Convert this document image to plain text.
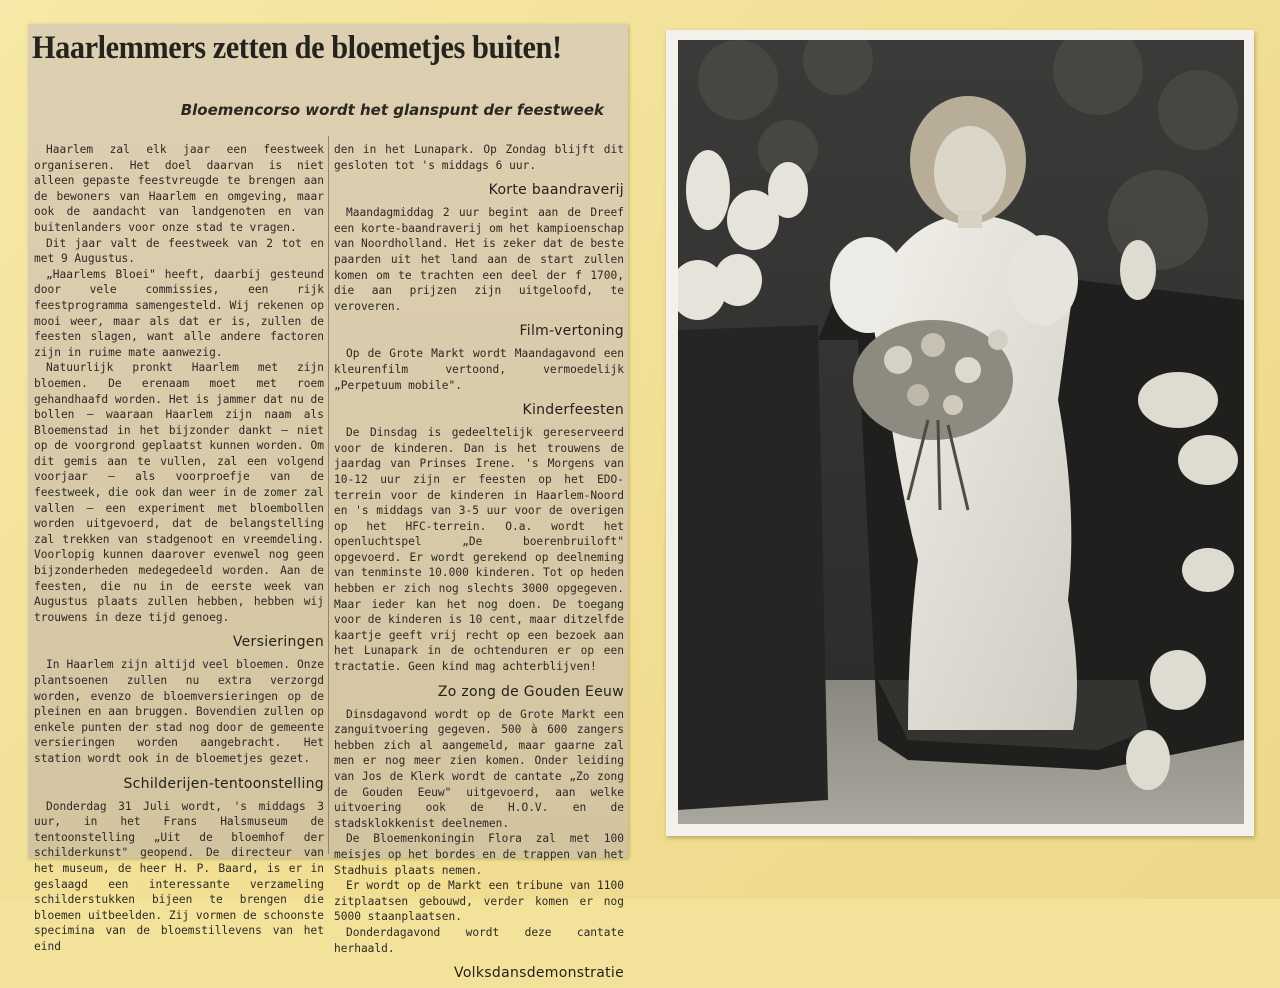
Haarlemmers zetten de bloemetjes buiten!
Bloemencorso wordt het glanspunt der feestweek

Haarlem zal elk jaar een feestweek organiseren. Het doel daarvan is niet alleen gepaste feestvreugde te brengen aan de bewoners van Haarlem en omgeving, maar ook de aandacht van landgenoten en van buitenlanders voor onze stad te vragen.

Dit jaar valt de feestweek van 2 tot en met 9 Augustus.

„Haarlems Bloei" heeft, daarbij gesteund door vele commissies, een rijk feestprogramma samengesteld. Wij rekenen op mooi weer, maar als dat er is, zullen de feesten slagen, want alle andere factoren zijn in ruime mate aanwezig.

Natuurlijk pronkt Haarlem met zijn bloemen. De erenaam moet met roem gehandhaafd worden. Het is jammer dat nu de bollen — waaraan Haarlem zijn naam als Bloemenstad in het bijzonder dankt — niet op de voorgrond geplaatst kunnen worden. Om dit gemis aan te vullen, zal een volgend voorjaar — als voorproefje van de feestweek, die ook dan weer in de zomer zal vallen — een experiment met bloembollen worden uitgevoerd, dat de belangstelling zal trekken van stadgenoot en vreemdeling. Voorlopig kunnen daarover evenwel nog geen bijzonderheden medegedeeld worden. Aan de feesten, die nu in de eerste week van Augustus plaats zullen hebben, hebben wij trouwens in deze tijd genoeg.

Versieringen

In Haarlem zijn altijd veel bloemen. Onze plantsoenen zullen nu extra verzorgd worden, evenzo de bloemversieringen op de pleinen en aan bruggen. Bovendien zullen op enkele punten der stad nog door de gemeente versieringen worden aangebracht. Het station wordt ook in de bloemetjes gezet.

Schilderijen-tentoonstelling

Donderdag 31 Juli wordt, 's middags 3 uur, in het Frans Halsmuseum de tentoonstelling „Uit de bloemhof der schilderkunst" geopend. De directeur van het museum, de heer H. P. Baard, is er in geslaagd een interessante verzameling schilderstukken bijeen te brengen die bloemen uitbeelden. Zij vormen de schoonste specimina van de bloemstillevens van het eind

den in het Lunapark. Op Zondag blijft dit gesloten tot 's middags 6 uur.

Korte baandraverij

Maandagmiddag 2 uur begint aan de Dreef een korte-baandraverij om het kampioenschap van Noordholland. Het is zeker dat de beste paarden uit het land aan de start zullen komen om te trachten een deel der f 1700, die aan prijzen zijn uitgeloofd, te veroveren.

Film-vertoning

Op de Grote Markt wordt Maandagavond een kleurenfilm vertoond, vermoedelijk „Perpetuum mobile".

Kinderfeesten

De Dinsdag is gedeeltelijk gereserveerd voor de kinderen. Dan is het trouwens de jaardag van Prinses Irene. 's Morgens van 10-12 uur zijn er feesten op het EDO-terrein voor de kinderen in Haarlem-Noord en 's middags van 3-5 uur voor de overigen op het HFC-terrein. O.a. wordt het openluchtspel „De boerenbruiloft" opgevoerd. Er wordt gerekend op deelneming van tenminste 10.000 kinderen. Tot op heden hebben er zich nog slechts 3000 opgegeven. Maar ieder kan het nog doen. De toegang voor de kinderen is 10 cent, maar ditzelfde kaartje geeft vrij recht op een bezoek aan het Lunapark in de ochtenduren er op een tractatie. Geen kind mag achterblijven!

Zo zong de Gouden Eeuw

Dinsdagavond wordt op de Grote Markt een zanguitvoering gegeven. 500 à 600 zangers hebben zich al aangemeld, maar gaarne zal men er nog meer zien komen. Onder leiding van Jos de Klerk wordt de cantate „Zo zong de Gouden Eeuw" uitgevoerd, aan welke uitvoering ook de H.O.V. en de stadsklokkenist deelnemen.

De Bloemenkoningin Flora zal met 100 meisjes op het bordes en de trappen van het Stadhuis plaats nemen.

Er wordt op de Markt een tribune van 1100 zitplaatsen gebouwd, verder komen er nog 5000 staanplaatsen.

Donderdagavond wordt deze cantate herhaald.

Volksdansdemonstratie
